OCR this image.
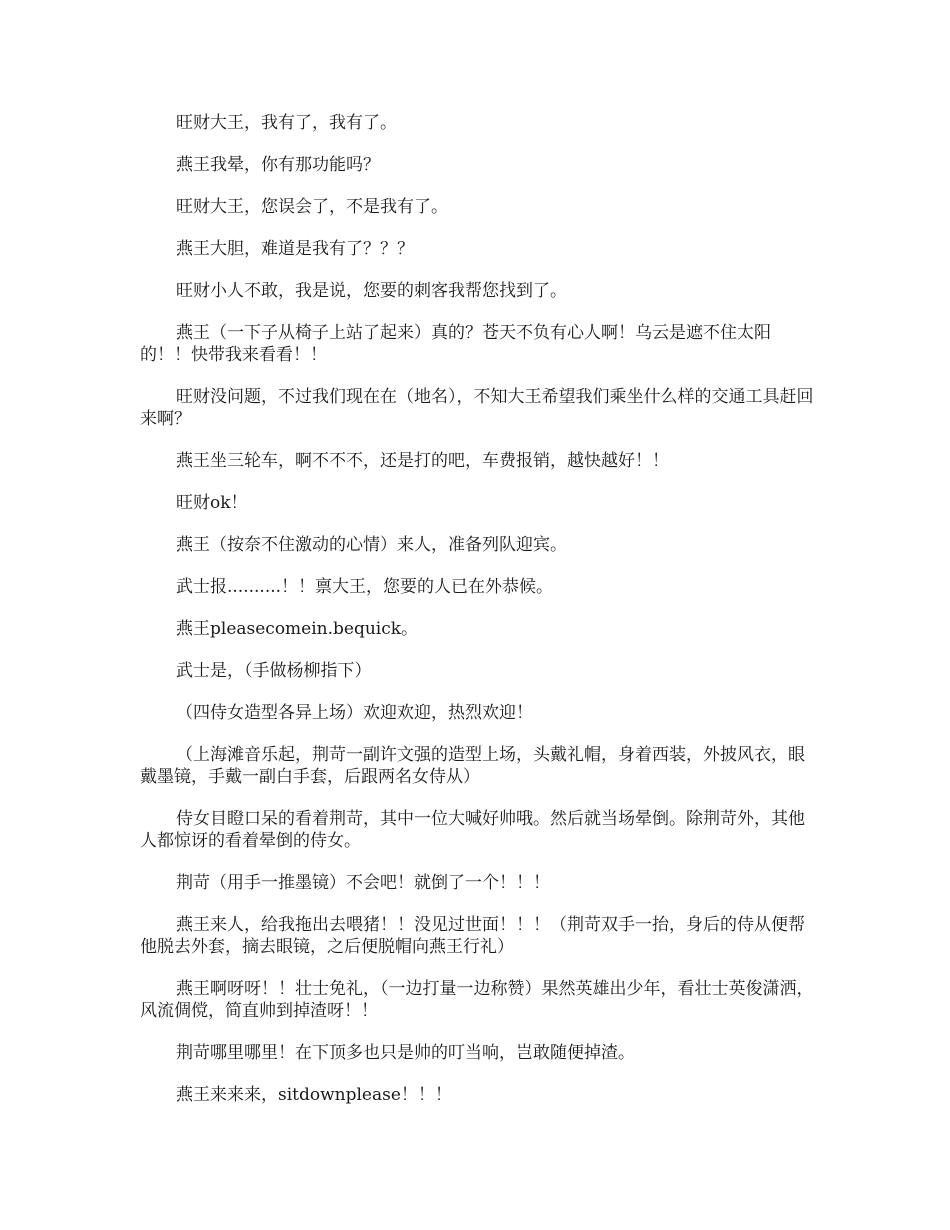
旺财大王，我有了，我有了。

燕王我晕，你有那功能吗？

旺财大王，您误会了，不是我有了。

燕王大胆，难道是我有了？？？

旺财小人不敢，我是说，您要的刺客我帮您找到了。

燕王（一下子从椅子上站了起来）真的？苍天不负有心人啊！乌云是遮不住太阳的！！快带我来看看！！

旺财没问题，不过我们现在在（地名），不知大王希望我们乘坐什么样的交通工具赶回来啊？

燕王坐三轮车，啊不不不，还是打的吧，车费报销，越快越好！！

旺财ok！

燕王（按奈不住激动的心情）来人，准备列队迎宾。

武士报..........！！禀大王，您要的人已在外恭候。

燕王pleasecomein.bequick。

武士是，（手做杨柳指下）

（四侍女造型各异上场）欢迎欢迎，热烈欢迎！

（上海滩音乐起，荆苛一副许文强的造型上场，头戴礼帽，身着西装，外披风衣，眼戴墨镜，手戴一副白手套，后跟两名女侍从）

侍女目瞪口呆的看着荆苛，其中一位大喊好帅哦。然后就当场晕倒。除荆苛外，其他人都惊讶的看着晕倒的侍女。

荆苛（用手一推墨镜）不会吧！就倒了一个！！！

燕王来人，给我拖出去喂猪！！没见过世面！！！（荆苛双手一抬，身后的侍从便帮他脱去外套，摘去眼镜，之后便脱帽向燕王行礼）

燕王啊呀呀！！壮士免礼，（一边打量一边称赞）果然英雄出少年，看壮士英俊潇洒，风流倜傥，简直帅到掉渣呀！！

荆苛哪里哪里！在下顶多也只是帅的叮当响，岂敢随便掉渣。

燕王来来来，sitdownplease！！！
